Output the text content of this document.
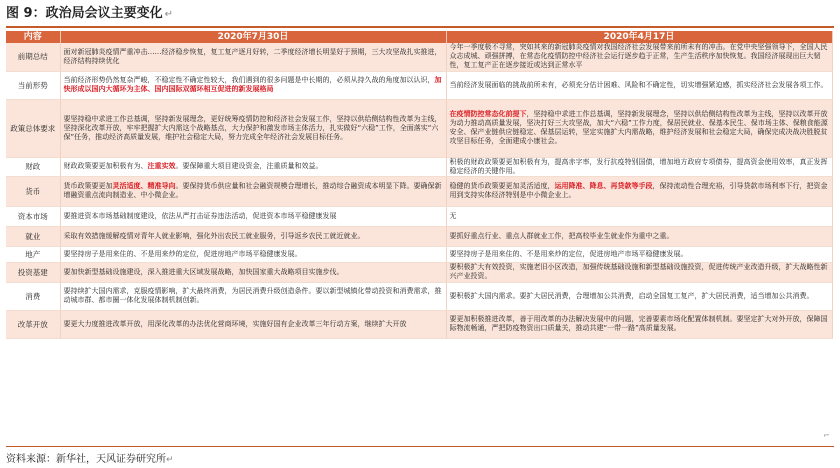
图 9：政治局会议主要变化 ↵
内容	2020年7月30日	2020年4月17日
前期总结	面对新冠肺炎疫情严重冲击……经济稳步恢复，复工复产逐月好转，二季度经济增长明显好于预期，三大攻坚战扎实推进，经济结构持续优化	今年一季度极不寻常，突如其来的新冠肺炎疫情对我国经济社会发展带来前所未有的冲击。在党中央坚强领导下，全国人民众志成城、顽强拼搏，在常态化疫情防控中经济社会运行逐步趋于正常，生产生活秩序加快恢复。我国经济展现出巨大韧性，复工复产正在逐步接近或达到正常水平
当前形势	当前经济形势仍然复杂严峻，不稳定性不确定性较大，我们遇到的很多问题是中长期的，必须从持久战的角度加以认识，加快形成以国内大循环为主体、国内国际双循环相互促进的新发展格局	当前经济发展面临的挑战前所未有，必须充分估计困难、风险和不确定性，切实增强紧迫感，抓实经济社会发展各项工作。
政策总体要求	要坚持稳中求进工作总基调，坚持新发展理念，更好统筹疫情防控和经济社会发展工作，坚持以供给侧结构性改革为主线，坚持深化改革开放，牢牢把握扩大内需这个战略基点，大力保护和激发市场主体活力，扎实做好“六稳”工作，全面落实“六保”任务，推动经济高质量发展，维护社会稳定大局，努力完成全年经济社会发展目标任务。	在疫情防控常态化前提下，坚持稳中求进工作总基调，坚持新发展理念，坚持以供给侧结构性改革为主线，坚持以改革开放为动力推动高质量发展，坚决打好三大攻坚战，加大“六稳”工作力度，保居民就业、保基本民生、保市场主体、保粮食能源安全、保产业链供应链稳定、保基层运转，坚定实施扩大内需战略，维护经济发展和社会稳定大局，确保完成决战决胜脱贫攻坚目标任务，全面建成小康社会。
财政	财政政策要更加积极有为、注重实效。要保障重大项目建设资金，注重质量和效益。	积极的财政政策要更加积极有为，提高赤字率，发行抗疫特别国债，增加地方政府专项债券，提高资金使用效率，真正发挥稳定经济的关键作用。
货币	货币政策要更加灵活适度、精准导向。要保持货币供应量和社会融资规模合理增长，推动综合融资成本明显下降。要确保新增融资重点流向制造业、中小微企业。	稳健的货币政策要更加灵活适度，运用降准、降息、再贷款等手段，保持流动性合理充裕，引导贷款市场利率下行，把资金用到支持实体经济特别是中小微企业上。
资本市场	要推进资本市场基础制度建设，依法从严打击证券违法活动，促进资本市场平稳健康发展	无
就业	采取有效措施缓解疫情对青年人就业影响，强化外出农民工就业服务，引导返乡农民工就近就业。	要抓好重点行业、重点人群就业工作，把高校毕业生就业作为重中之重。
地产	要坚持房子是用来住的、不是用来炒的定位，促进房地产市场平稳健康发展。	要坚持房子是用来住的、不是用来炒的定位，促进房地产市场平稳健康发展。
投资基建	要加快新型基础设施建设，深入推进重大区域发展战略，加快国家重大战略项目实施步伐。	要积极扩大有效投资，实施老旧小区改造，加强传统基础设施和新型基础设施投资，促进传统产业改造升级，扩大战略性新兴产业投资。
消费	要持续扩大国内需求，克服疫情影响，扩大最终消费，为居民消费升级创造条件。要以新型城镇化带动投资和消费需求，推动城市群、都市圈一体化发展体制机制创新。	要积极扩大国内需求。要扩大居民消费，合理增加公共消费，启动全国复工复产，扩大居民消费，适当增加公共消费。
改革开放	要更大力度推进改革开放，用深化改革的办法优化营商环境，实施好国有企业改革三年行动方案，继续扩大开放	要更加积极推进改革，善于用改革的办法解决发展中的问题，完善要素市场化配置体制机制。要坚定扩大对外开放，保障国际物流畅通，严把防疫物资出口质量关，推动共建“一带一路”高质量发展。
⌐
资料来源：新华社，天风证券研究所↵
